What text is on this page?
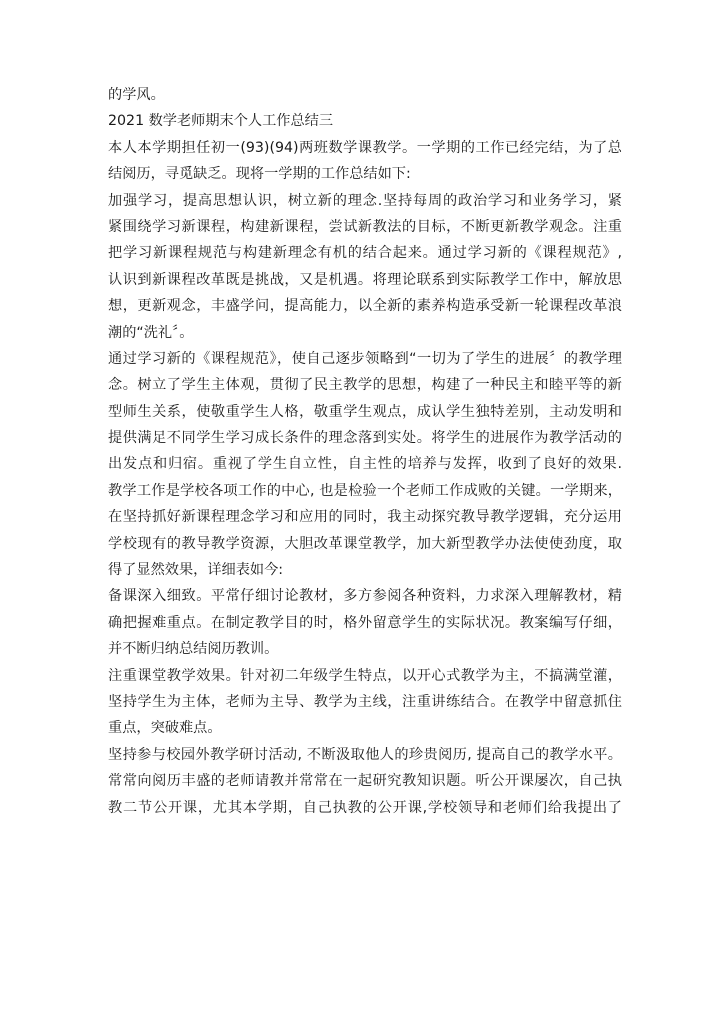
的学风。
2021 数学老师期末个人工作总结三
本人本学期担任初一(93)(94)两班数学课教学。一学期的工作已经完结，为了总
结阅历，寻觅缺乏。现将一学期的工作总结如下:
加强学习，提高思想认识，树立新的理念.坚持每周的政治学习和业务学习，紧
紧围绕学习新课程，构建新课程，尝试新教法的目标，不断更新教学观念。注重
把学习新课程规范与构建新理念有机的结合起来。通过学习新的《课程规范》,
认识到新课程改革既是挑战，又是机遇。将理论联系到实际教学工作中，解放思
想，更新观念，丰盛学问，提高能力，以全新的素养构造承受新一轮课程改革浪
潮的“洗礼〞。
通过学习新的《课程规范》，使自己逐步领略到“一切为了学生的进展〞的教学理
念。树立了学生主体观，贯彻了民主教学的思想，构建了一种民主和睦平等的新
型师生关系，使敬重学生人格，敬重学生观点，成认学生独特差别，主动发明和
提供满足不同学生学习成长条件的理念落到实处。将学生的进展作为教学活动的
出发点和归宿。重视了学生自立性，自主性的培养与发挥，收到了良好的效果.
教学工作是学校各项工作的中心, 也是检验一个老师工作成败的关键。一学期来，
在坚持抓好新课程理念学习和应用的同时，我主动探究教导教学逻辑，充分运用
学校现有的教导教学资源，大胆改革课堂教学，加大新型教学办法使使劲度，取
得了显然效果，详细表如今:
备课深入细致。平常仔细讨论教材，多方参阅各种资料，力求深入理解教材，精
确把握难重点。在制定教学目的时，格外留意学生的实际状况。教案编写仔细，
并不断归纳总结阅历教训。
注重课堂教学效果。针对初二年级学生特点，以开心式教学为主，不搞满堂灌，
坚持学生为主体，老师为主导、教学为主线，注重讲练结合。在教学中留意抓住
重点，突破难点。
坚持参与校园外教学研讨活动, 不断汲取他人的珍贵阅历, 提高自己的教学水平。
常常向阅历丰盛的老师请教并常常在一起研究教知识题。听公开课屡次，自己执
教二节公开课，尤其本学期，自己执教的公开课,学校领导和老师们给我提出了
